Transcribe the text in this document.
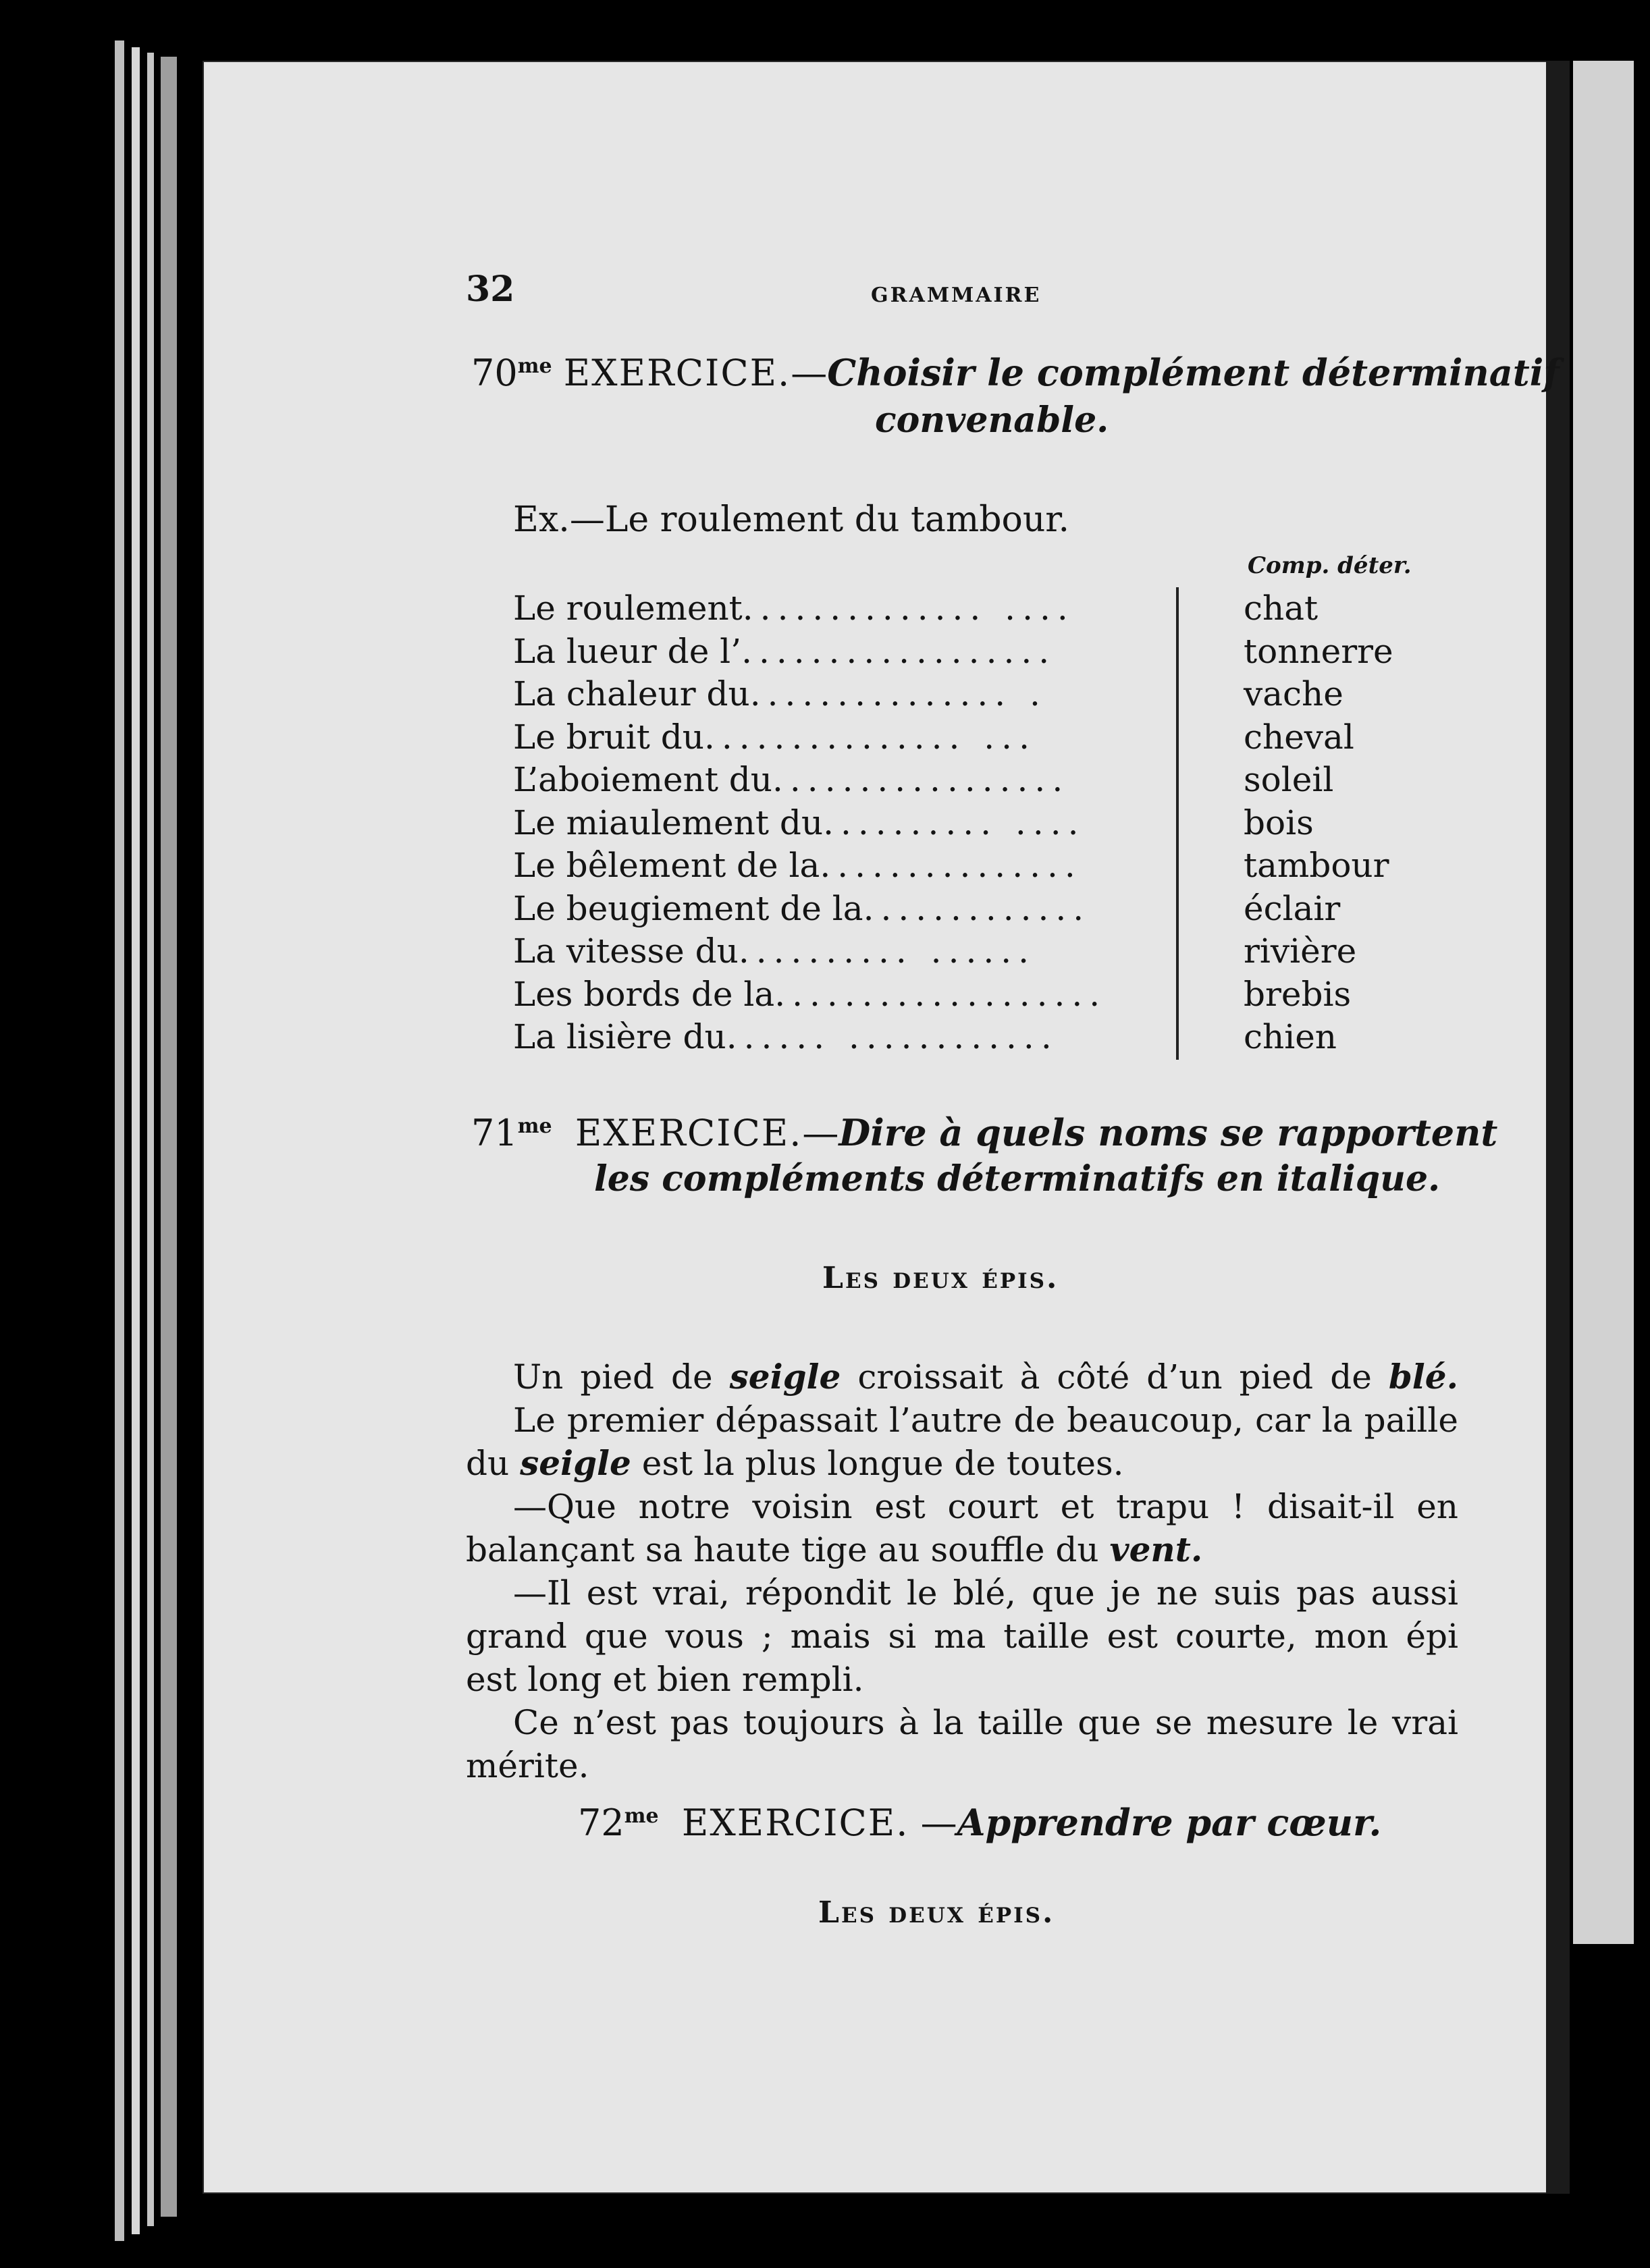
32	GRAMMAIRE
$70^{me}$ EXERCICE.—Choisir le complément déterminatif
convenable.
Ex.—Le roulement du tambour.
Comp. déter.
Le roulement.............. ....
La lueur de l’..................
La chaleur du............... .
Le bruit du............... ...
L’aboiement du.................
Le miaulement du.......... ....
Le bêlement de la...............
Le beugiement de la.............
La vitesse du.......... ......
Les bords de la...................
La lisière du...... ............
chat
tonnerre
vache
cheval
soleil
bois
tambour
éclair
rivière
brebis
chien
$71^{me}$ EXERCICE.—Dire à quels noms se rapportent
les compléments déterminatifs en italique.
Les deux épis.
Un pied de seigle croissait à côté d’un pied de blé.
Le premier dépassait l’autre de beaucoup, car la paille
du seigle est la plus longue de toutes.
—Que notre voisin est court et trapu ! disait-il en
balançant sa haute tige au souffle du vent.
—Il est vrai, répondit le blé, que je ne suis pas aussi
grand que vous ; mais si ma taille est courte, mon épi
est long et bien rempli.
Ce n’est pas toujours à la taille que se mesure le vrai
mérite.
$72^{me}$ EXERCICE. —Apprendre par cœur.
Les deux épis.
